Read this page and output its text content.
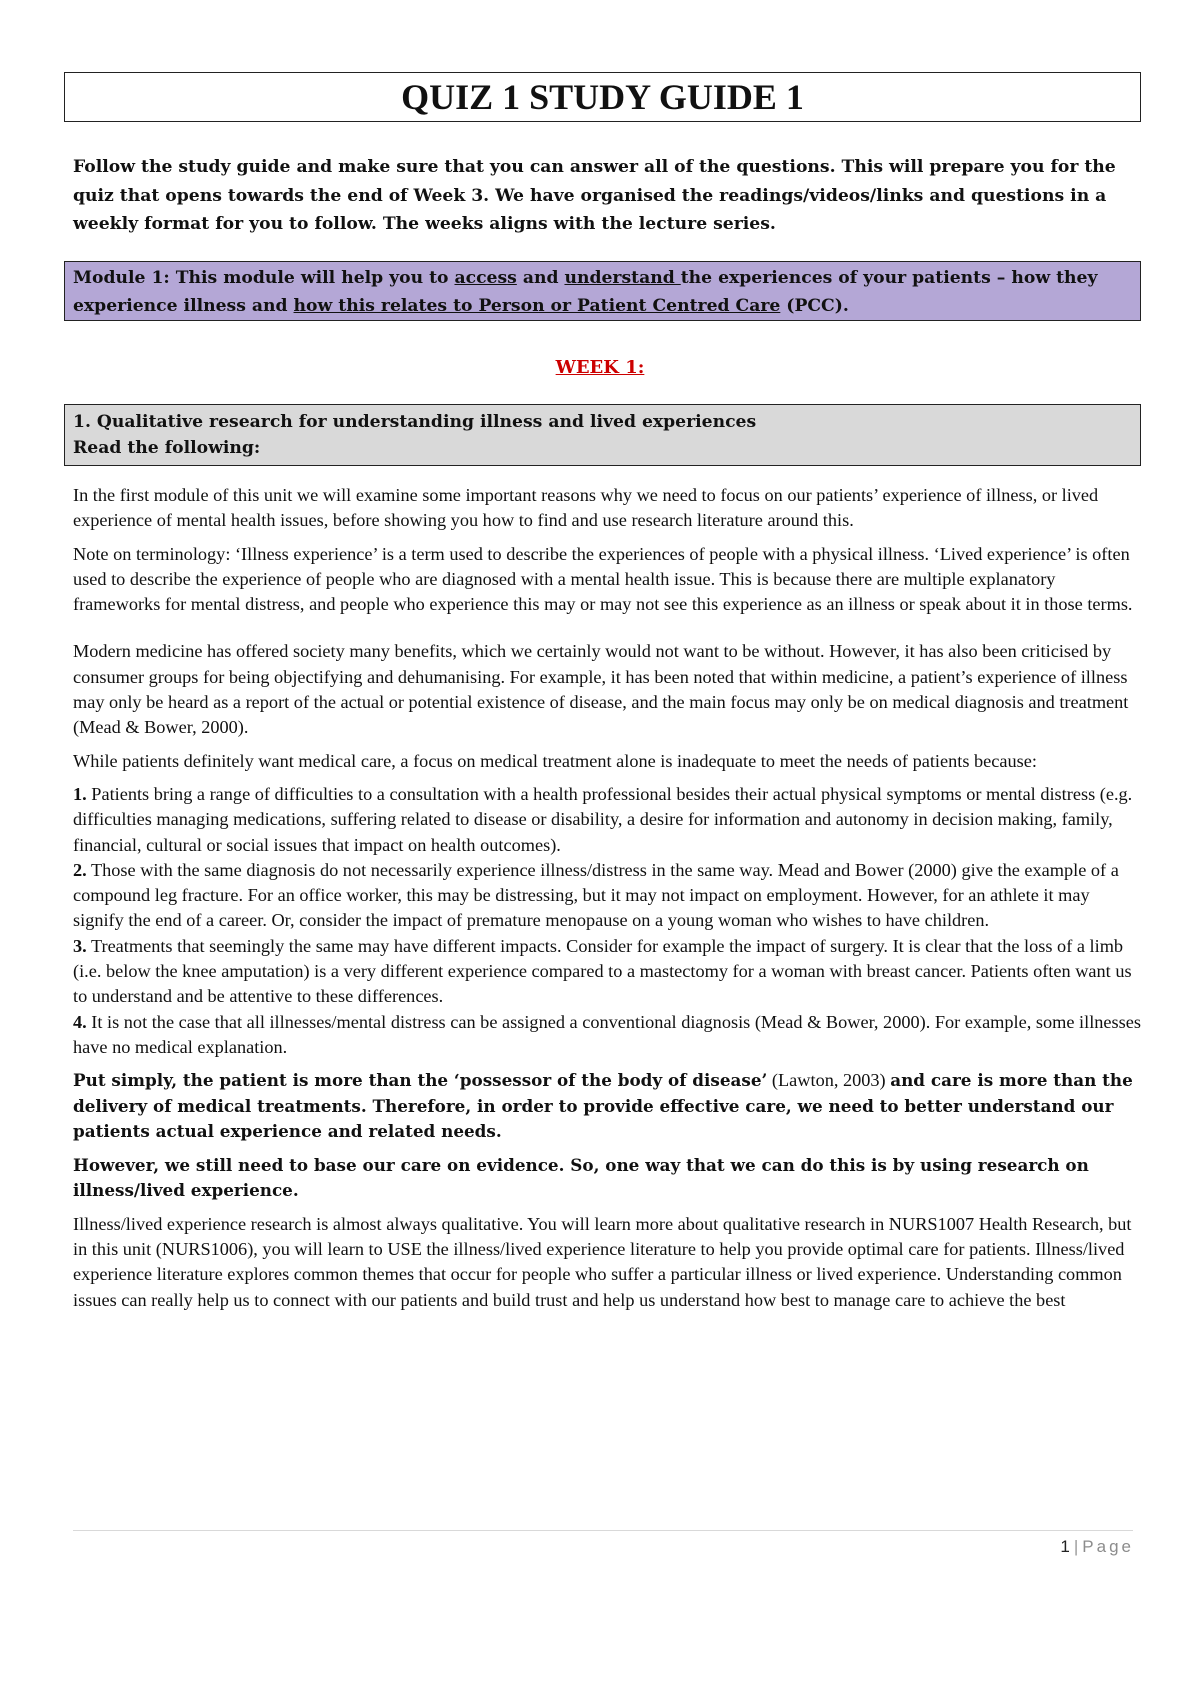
QUIZ 1 STUDY GUIDE 1
Follow the study guide and make sure that you can answer all of the questions. This will prepare you for the quiz that opens towards the end of Week 3. We have organised the readings/videos/links and questions in a weekly format for you to follow. The weeks aligns with the lecture series.
Module 1: This module will help you to access and understand the experiences of your patients – how they experience illness and how this relates to Person or Patient Centred Care (PCC).
WEEK 1:
1. Qualitative research for understanding illness and lived experiences
Read the following:

In the first module of this unit we will examine some important reasons why we need to focus on our patients’ experience of illness, or lived experience of mental health issues, before showing you how to find and use research literature around this.

Note on terminology: ‘Illness experience’ is a term used to describe the experiences of people with a physical illness. ‘Lived experience’ is often used to describe the experience of people who are diagnosed with a mental health issue. This is because there are multiple explanatory frameworks for mental distress, and people who experience this may or may not see this experience as an illness or speak about it in those terms.

Modern medicine has offered society many benefits, which we certainly would not want to be without. However, it has also been criticised by consumer groups for being objectifying and dehumanising. For example, it has been noted that within medicine, a patient’s experience of illness may only be heard as a report of the actual or potential existence of disease, and the main focus may only be on medical diagnosis and treatment (Mead & Bower, 2000).

While patients definitely want medical care, a focus on medical treatment alone is inadequate to meet the needs of patients because:

1. Patients bring a range of difficulties to a consultation with a health professional besides their actual physical symptoms or mental distress (e.g. difficulties managing medications, suffering related to disease or disability, a desire for information and autonomy in decision making, family, financial, cultural or social issues that impact on health outcomes).

2. Those with the same diagnosis do not necessarily experience illness/distress in the same way. Mead and Bower (2000) give the example of a compound leg fracture. For an office worker, this may be distressing, but it may not impact on employment. However, for an athlete it may signify the end of a career. Or, consider the impact of premature menopause on a young woman who wishes to have children.

3. Treatments that seemingly the same may have different impacts. Consider for example the impact of surgery. It is clear that the loss of a limb (i.e. below the knee amputation) is a very different experience compared to a mastectomy for a woman with breast cancer. Patients often want us to understand and be attentive to these differences.

4. It is not the case that all illnesses/mental distress can be assigned a conventional diagnosis (Mead & Bower, 2000). For example, some illnesses have no medical explanation.

Put simply, the patient is more than the ‘possessor of the body of disease’ (Lawton, 2003) and care is more than the delivery of medical treatments. Therefore, in order to provide effective care, we need to better understand our patients actual experience and related needs.

However, we still need to base our care on evidence. So, one way that we can do this is by using research on illness/lived experience.

Illness/lived experience research is almost always qualitative. You will learn more about qualitative research in NURS1007 Health Research, but in this unit (NURS1006), you will learn to USE the illness/lived experience literature to help you provide optimal care for patients. Illness/lived experience literature explores common themes that occur for people who suffer a particular illness or lived experience. Understanding common issues can really help us to connect with our patients and build trust and help us understand how best to manage care to achieve the best

1 | Page
